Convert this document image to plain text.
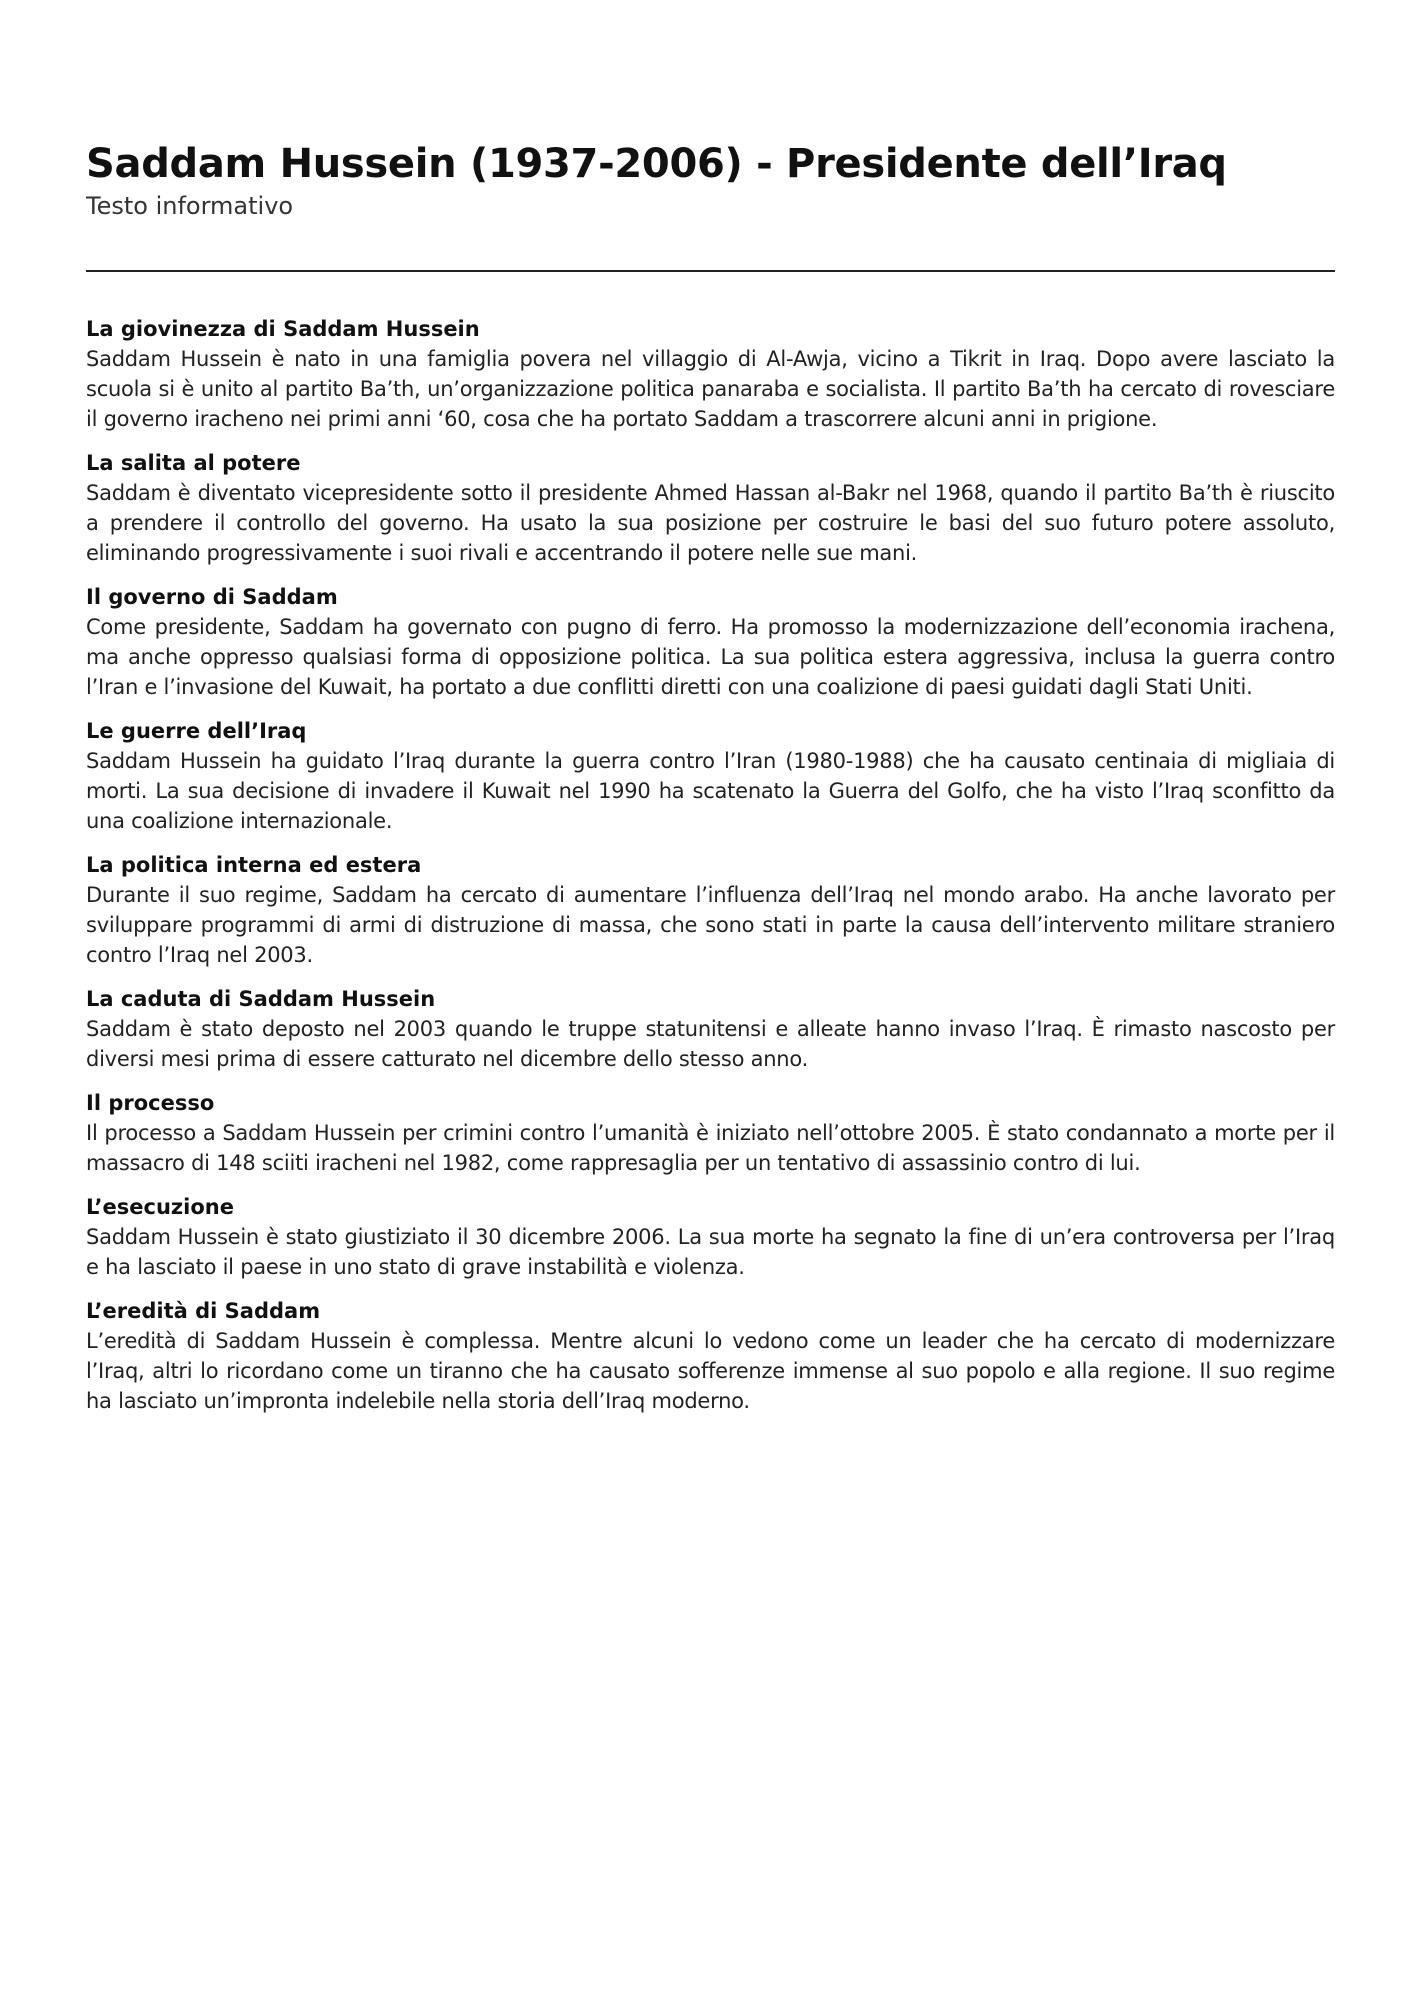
Saddam Hussein (1937-2006) - Presidente dell’Iraq

Testo informativo

La giovinezza di Saddam Hussein

Saddam Hussein è nato in una famiglia povera nel villaggio di Al-Awja, vicino a Tikrit in Iraq. Dopo avere lasciato la scuola si è unito al partito Ba’th, un’organizzazione politica panaraba e socialista. Il partito Ba’th ha cercato di rovesciare il governo iracheno nei primi anni ‘60, cosa che ha portato Saddam a trascorrere alcuni anni in prigione.

La salita al potere

Saddam è diventato vicepresidente sotto il presidente Ahmed Hassan al-Bakr nel 1968, quando il partito Ba’th è riuscito a prendere il controllo del governo. Ha usato la sua posizione per costruire le basi del suo futuro potere assoluto, eliminando progressivamente i suoi rivali e accentrando il potere nelle sue mani.

Il governo di Saddam

Come presidente, Saddam ha governato con pugno di ferro. Ha promosso la modernizzazione dell’economia irachena, ma anche oppresso qualsiasi forma di opposizione politica. La sua politica estera aggressiva, inclusa la guerra contro l’Iran e l’invasione del Kuwait, ha portato a due conflitti diretti con una coalizione di paesi guidati dagli Stati Uniti.

Le guerre dell’Iraq

Saddam Hussein ha guidato l’Iraq durante la guerra contro l’Iran (1980-1988) che ha causato centinaia di migliaia di morti. La sua decisione di invadere il Kuwait nel 1990 ha scatenato la Guerra del Golfo, che ha visto l’Iraq sconfitto da una coalizione internazionale.

La politica interna ed estera

Durante il suo regime, Saddam ha cercato di aumentare l’influenza dell’Iraq nel mondo arabo. Ha anche lavorato per sviluppare programmi di armi di distruzione di massa, che sono stati in parte la causa dell’intervento militare straniero contro l’Iraq nel 2003.

La caduta di Saddam Hussein

Saddam è stato deposto nel 2003 quando le truppe statunitensi e alleate hanno invaso l’Iraq. È rimasto nascosto per diversi mesi prima di essere catturato nel dicembre dello stesso anno.

Il processo

Il processo a Saddam Hussein per crimini contro l’umanità è iniziato nell’ottobre 2005. È stato condannato a morte per il massacro di 148 sciiti iracheni nel 1982, come rappresaglia per un tentativo di assassinio contro di lui.

L’esecuzione

Saddam Hussein è stato giustiziato il 30 dicembre 2006. La sua morte ha segnato la fine di un’era controversa per l’Iraq e ha lasciato il paese in uno stato di grave instabilità e violenza.

L’eredità di Saddam

L’eredità di Saddam Hussein è complessa. Mentre alcuni lo vedono come un leader che ha cercato di modernizzare l’Iraq, altri lo ricordano come un tiranno che ha causato sofferenze immense al suo popolo e alla regione. Il suo regime ha lasciato un’impronta indelebile nella storia dell’Iraq moderno.
